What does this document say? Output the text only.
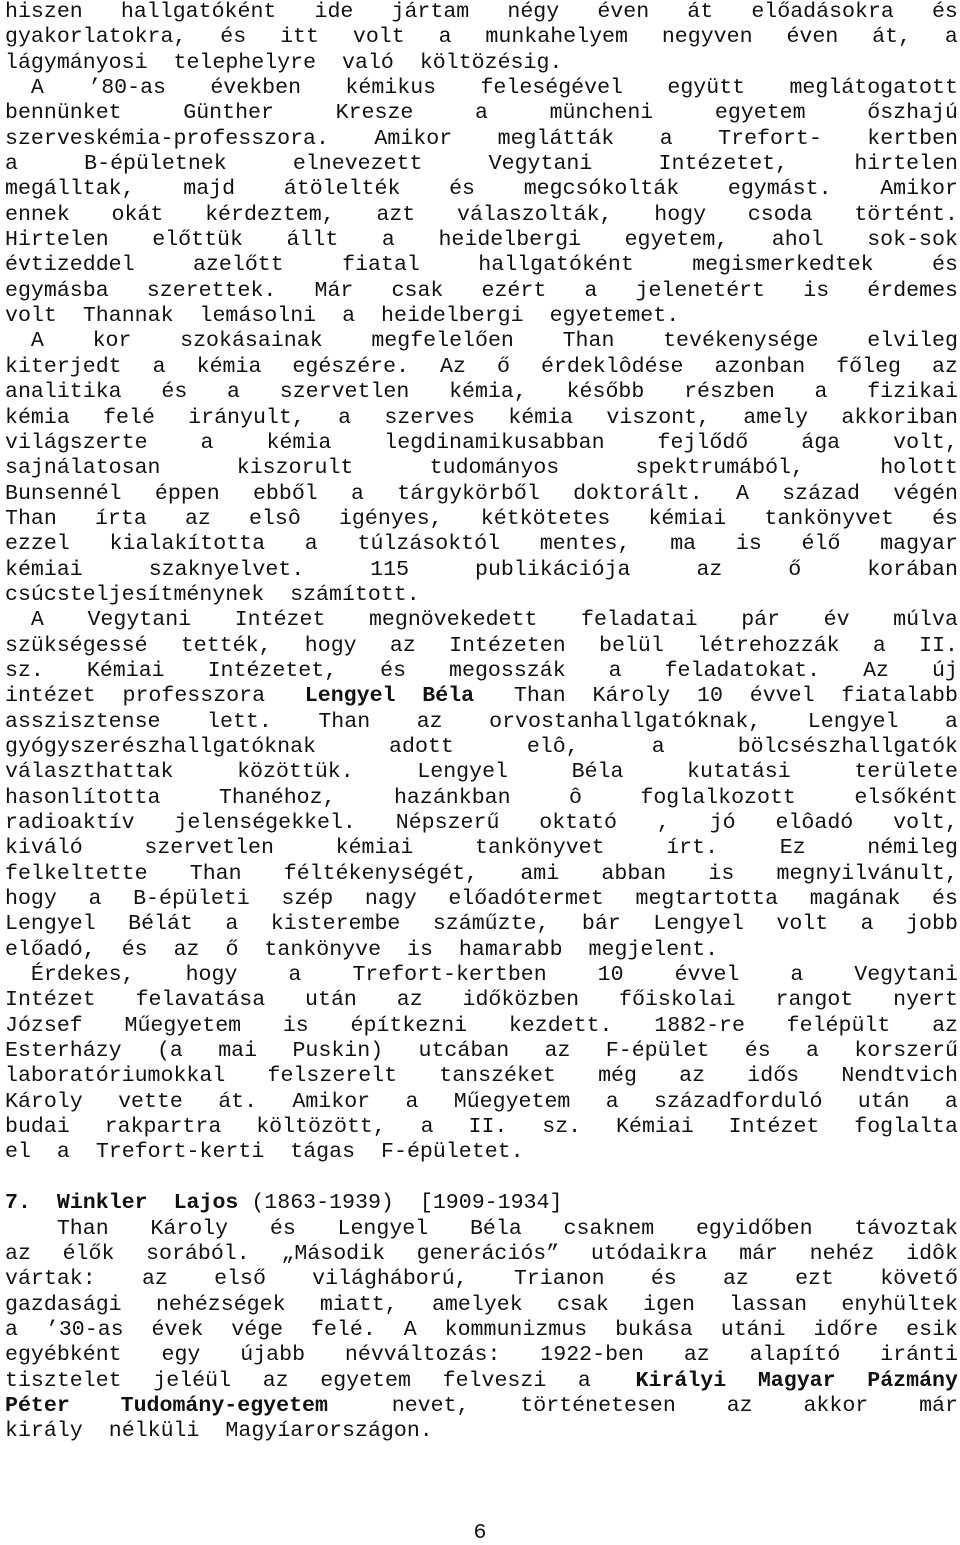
hiszen hallgatóként ide jártam négy éven át előadásokra és
gyakorlatokra, és itt volt a munkahelyem negyven éven át, a
lágymányosi
telephelyre
való
költözésig.
A ’80-as években kémikus feleségével együtt meglátogatott
bennünket	Günther	Kresze	a	müncheni	egyetem	őszhajú
szerveskémia-professzora. Amikor meglátták a Trefort- kertben
a	B-épületnek	elnevezett	Vegytani	Intézetet,	hirtelen
megálltak, majd átölelték és megcsókolták egymást. Amikor
ennek okát kérdeztem, azt válaszolták, hogy csoda történt.
Hirtelen előttük állt a heidelbergi egyetem, ahol sok-sok
évtizeddel	azelőtt	fiatal	hallgatóként	megismerkedtek	és
egymásba szerettek. Már csak ezért a jelenetért is érdemes
volt
Thannak
lemásolni
a
heidelbergi
egyetemet.
A kor szokásainak megfelelően Than tevékenysége elvileg
kiterjedt a kémia egészére. Az ő érdeklôdése azonban főleg az
analitika és a szervetlen kémia, később részben a fizikai
kémia felé irányult, a szerves kémia viszont, amely akkoriban
világszerte a kémia legdinamikusabban fejlődő ága volt,
sajnálatosan	kiszorult	tudományos	spektrumából,	holott
Bunsennél éppen ebből a tárgykörből doktorált. A század végén
Than írta az elsô igényes, kétkötetes kémiai tankönyvet és
ezzel kialakította a túlzásoktól mentes, ma is élő magyar
kémiai	szaknyelvet.	115	publikációja	az	ő	korában
csúcsteljesítménynek
számított.
A Vegytani Intézet megnövekedett feladatai pár év múlva
szükségessé tették, hogy az Intézeten belül létrehozzák a II.
sz. Kémiai Intézetet, és megosszák a feladatokat. Az új
intézet professzora Lengyel Béla Than Károly 10 évvel fiatalabb
asszisztense lett. Than az orvostanhallgatóknak, Lengyel a
gyógyszerészhallgatóknak	adott	elô,	a	bölcsészhallgatók
választhattak	közöttük.	Lengyel	Béla	kutatási	területe
hasonlította	Thanéhoz,	hazánkban	ô	foglalkozott	elsőként
radioaktív jelenségekkel. Népszerű oktató , jó elôadó volt,
kiváló	szervetlen	kémiai	tankönyvet	írt.	Ez	némileg
felkeltette Than féltékenységét, ami abban is megnyilvánult,
hogy a B-épületi szép nagy előadótermet megtartotta magának és
Lengyel Bélát a kisterembe száműzte, bár Lengyel volt a jobb
előadó,
és
az
ő
tankönyve
is
hamarabb
megjelent.
Érdekes, hogy a Trefort-kertben 10 évvel a Vegytani
Intézet felavatása után az időközben főiskolai rangot nyert
József Műegyetem is építkezni kezdett. 1882-re felépült az
Esterházy (a mai Puskin) utcában az F-épület és a korszerű
laboratóriumokkal felszerelt tanszéket még az idős Nendtvich
Károly vette át. Amikor a Műegyetem a századforduló után a
budai rakpartra költözött, a II. sz. Kémiai Intézet foglalta
el
a
Trefort-kerti
tágas
F-épületet.
7.
Winkler
Lajos (1863-1939)
[1909-1934]
Than Károly és Lengyel Béla csaknem egyidőben távoztak
az élők sorából. „Második generációs” utódaikra már nehéz idôk
vártak: az első világháború, Trianon és az ezt követő
gazdasági nehézségek miatt, amelyek csak igen lassan enyhültek
a ’30-as évek vége felé. A kommunizmus bukása utáni időre esik
egyébként egy újabb névváltozás: 1922-ben az alapító iránti
tisztelet jeléül az egyetem felveszi a Királyi Magyar Pázmány
Péter Tudomány-egyetem nevet, történetesen az akkor már
király
nélküli
Magyíarországon.
6
